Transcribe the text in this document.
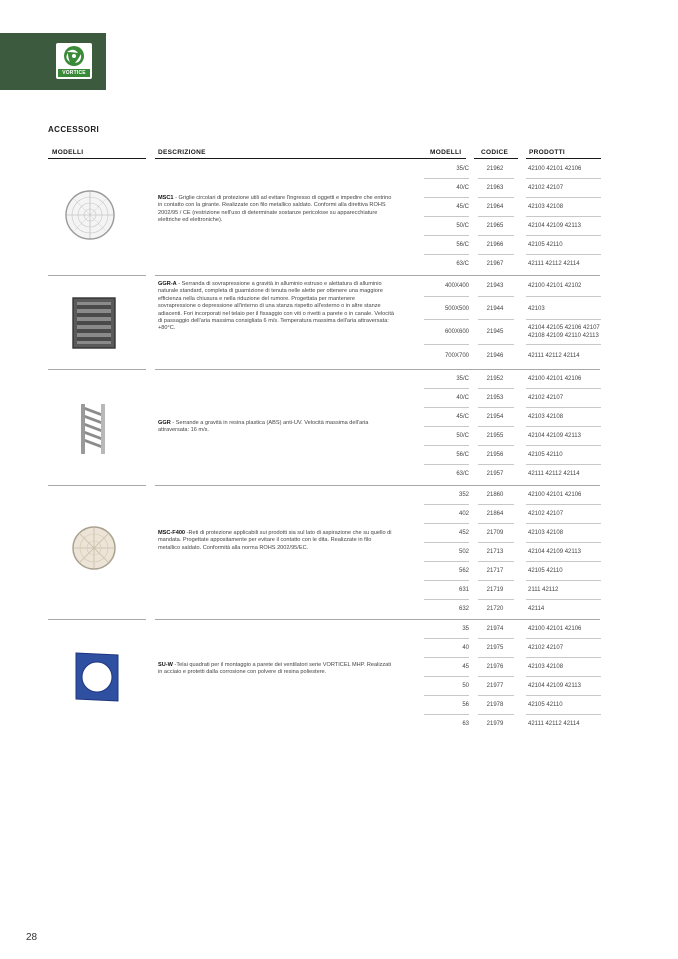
VORTICE
ACCESSORI
MODELLI	DESCRIZIONE	MODELLI	CODICE	PRODOTTI
MSC1 - Griglie circolari di protezione utili ad evitare l'ingresso di oggetti e impedire che entrino in contatto con la girante. Realizzate con filo metallico saldato. Conformi alla direttiva ROHS 2002/95 / CE (restrizione nell'uso di determinate sostanze pericolose su apparecchiature elettriche ed elettroniche).
35/C	21962	42100 42101 42106
40/C	21963	42102 42107
45/C	21964	42103 42108
50/C	21965	42104 42109 42113
56/C	21966	42105 42110
63/C	21967	42111 42112 42114
GGR-A - Serranda di sovrapressione a gravità in alluminio estruso e alettatura di alluminio naturale standard, completa di guarnizione di tenuta nelle alette per ottenere una maggiore efficienza nella chiusura e nella riduzione del rumore. Progettata per mantenere sovrapressione o depressione all'interno di una stanza rispetto all'esterno o in altre stanze adiacenti. Fori incorporati nel telaio per il fissaggio con viti o rivetti a parete o in canale. Velocità di passaggio dell'aria massima consigliata 6 m/s. Temperatura massima dell'aria attraversata: +80°C.
400X400	21943	42100 42101 42102
500X500	21944	42103
600X600	21945
42104 42105 42106 42107
42108 42109 42110 42113
700X700	21946	42111 42112 42114
GGR - Serrande a gravità in resina plastica (ABS) anti-UV. Velocità massima dell'aria attraversata: 16 m/s.
35/C	21952	42100 42101 42106
40/C	21953	42102 42107
45/C	21954	42103 42108
50/C	21955	42104 42109 42113
56/C	21956	42105 42110
63/C	21957	42111 42112 42114
MSC-F400 -Reti di protezione applicabili sui prodotti sia sul lato di aspirazione che su quello di mandata. Progettate appositamente per evitare il contatto con le dita. Realizzate in filo metallico saldato. Conformità alla norma ROHS 2002/95/EC.
352	21860	42100 42101 42106
402	21864	42102 42107
452	21709	42103 42108
502	21713	42104 42109 42113
562	21717	42105 42110
631	21719	2111 42112
632	21720	42114
SU-W -Telai quadrati per il montaggio a parete dei ventilatori serie VORTICEL MHP. Realizzati in acciaio e protetti dalla corrosione con polvere di resina poliestere.
35	21974	42100 42101 42106
40	21975	42102 42107
45	21976	42103 42108
50	21977	42104 42109 42113
56	21978	42105 42110
63	21979	42111 42112 42114
28
